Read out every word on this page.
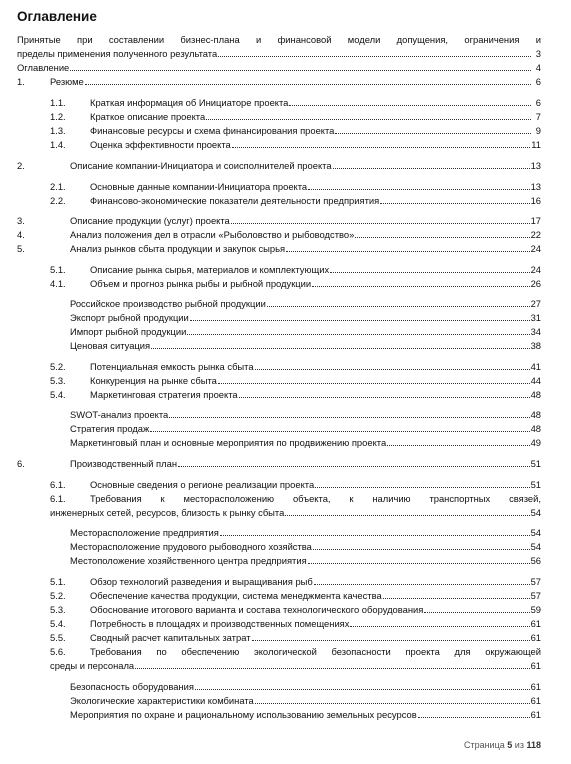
Оглавление
Принятые при составлении бизнес-плана и финансовой модели допущения, ограничения и
пределы применения полученного результата	3
Оглавление	4
1.	Резюме	6
1.1.	Краткая информация об Инициаторе проекта	6
1.2.	Краткое описание проекта	7
1.3.	Финансовые ресурсы и схема финансирования проекта	9
1.4.	Оценка эффективности проекта	11
2.	Описание компании-Инициатора и соисполнителей проекта	13
2.1.	Основные данные компании-Инициатора проекта	13
2.2.	Финансово-экономические показатели деятельности предприятия	16
3.	Описание продукции (услуг) проекта	17
4.	Анализ положения дел в отрасли «Рыболовство и рыбоводство»	22
5.	Анализ рынков сбыта продукции и закупок сырья	24
5.1.	Описание рынка сырья, материалов и комплектующих	24
4.1.	Объем и прогноз рынка рыбы и рыбной продукции	26
Российское производство рыбной продукции	27
Экспорт рыбной продукции	31
Импорт рыбной продукции	34
Ценовая ситуация	38
5.2.	Потенциальная емкость рынка сбыта	41
5.3.	Конкуренция на рынке сбыта	44
5.4.	Маркетинговая стратегия проекта	48
SWOT-анализ проекта	48
Стратегия продаж	48
Маркетинговый план и основные мероприятия по продвижению проекта	49
6.	Производственный план	51
6.1.	Основные сведения о регионе реализации проекта	51
6.1.	Требования к месторасположению объекта, к наличию транспортных связей,
инженерных сетей, ресурсов, близость к рынку сбыта	54
Месторасположение предприятия	54
Месторасположение прудового рыбоводного хозяйства	54
Местоположение хозяйственного центра предприятия	56
5.1.	Обзор технологий разведения и выращивания рыб	57
5.2.	Обеспечение качества продукции, система менеджмента качества	57
5.3.	Обоснование итогового варианта и состава технологического оборудования	59
5.4.	Потребность в площадях и производственных помещениях	61
5.5.	Сводный расчет капитальных затрат	61
5.6.	Требования по обеспечению экологической безопасности проекта для окружающей
среды и персонала	61
Безопасность оборудования	61
Экологические характеристики комбината	61
Мероприятия по охране и рациональному использованию земельных ресурсов	61
Страница 5 из 118
